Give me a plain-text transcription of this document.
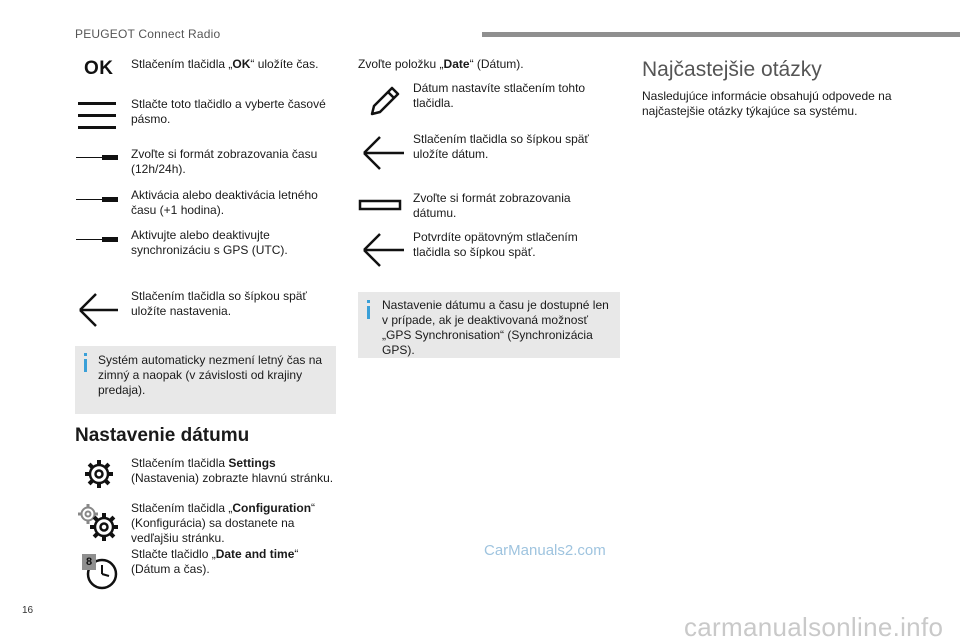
PEUGEOT Connect Radio
OK Stlačením tlačidla „OK“ uložíte čas.
Stlačte toto tlačidlo a vyberte časové pásmo.
Zvoľte si formát zobrazovania času (12h/24h).
Aktivácia alebo deaktivácia letného času (+1 hodina).
Aktivujte alebo deaktivujte synchronizáciu s GPS (UTC).
Stlačením tlačidla so šípkou späť uložíte nastavenia.
Systém automaticky nezmení letný čas na zimný a naopak (v závislosti od krajiny predaja).
Nastavenie dátumu
Stlačením tlačidla Settings (Nastavenia) zobrazte hlavnú stránku.
Stlačením tlačidla „Configuration“ (Konfigurácia) sa dostanete na vedľajšiu stránku.
8
Stlačte tlačidlo „Date and time“ (Dátum a čas).
Zvoľte položku „Date“ (Dátum).
Dátum nastavíte stlačením tohto tlačidla.
Stlačením tlačidla so šípkou späť uložíte dátum.
Zvoľte si formát zobrazovania dátumu.
Potvrdíte opätovným stlačením tlačidla so šípkou späť.
Nastavenie dátumu a času je dostupné len v prípade, ak je deaktivovaná možnosť „GPS Synchronisation“ (Synchronizácia GPS).
Najčastejšie otázky
Nasledujúce informácie obsahujú odpovede na najčastejšie otázky týkajúce sa systému.
16
CarManuals2.com
carmanualsonline.info
